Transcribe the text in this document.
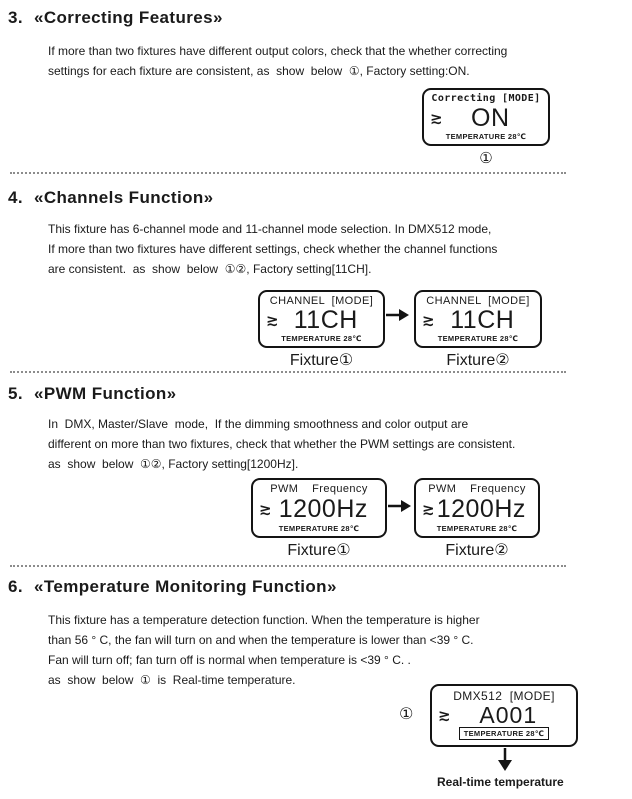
3. «Correcting Features»
If more than two fixtures have different output colors, check that the whether correcting
settings for each fixture are consistent, as  show  below  ①, Factory setting:ON.
Correcting [MODE]
≳	ON
TEMPERATURE 28℃
①
4. «Channels Function»
This fixture has 6-channel mode and 11-channel mode selection. In DMX512 mode,
If more than two fixtures have different settings, check whether the channel functions
are consistent.  as  show  below  ①②, Factory setting[11CH].
CHANNEL  [MODE]
≳ 11CH
TEMPERATURE 28℃
CHANNEL  [MODE]
≳ 11CH
TEMPERATURE 28℃
Fixture①	Fixture②
5. «PWM Function»
In  DMX, Master/Slave  mode,  If the dimming smoothness and color output are
different on more than two fixtures, check that whether the PWM settings are consistent.
as  show  below  ①②, Factory setting[1200Hz].
PWM    Frequency
≳ 1200Hz
TEMPERATURE 28℃
PWM    Frequency
≳ 1200Hz
TEMPERATURE 28℃
Fixture①	Fixture②
6. «Temperature Monitoring Function»
This fixture has a temperature detection function. When the temperature is higher
than 56 ° C, the fan will turn on and when the temperature is lower than <39 ° C.
Fan will turn off; fan turn off is normal when temperature is <39 ° C. .
as  show  below  ①  is  Real-time temperature.
①
DMX512  [MODE]
≳	A001
TEMPERATURE 28℃
Real-time temperature
